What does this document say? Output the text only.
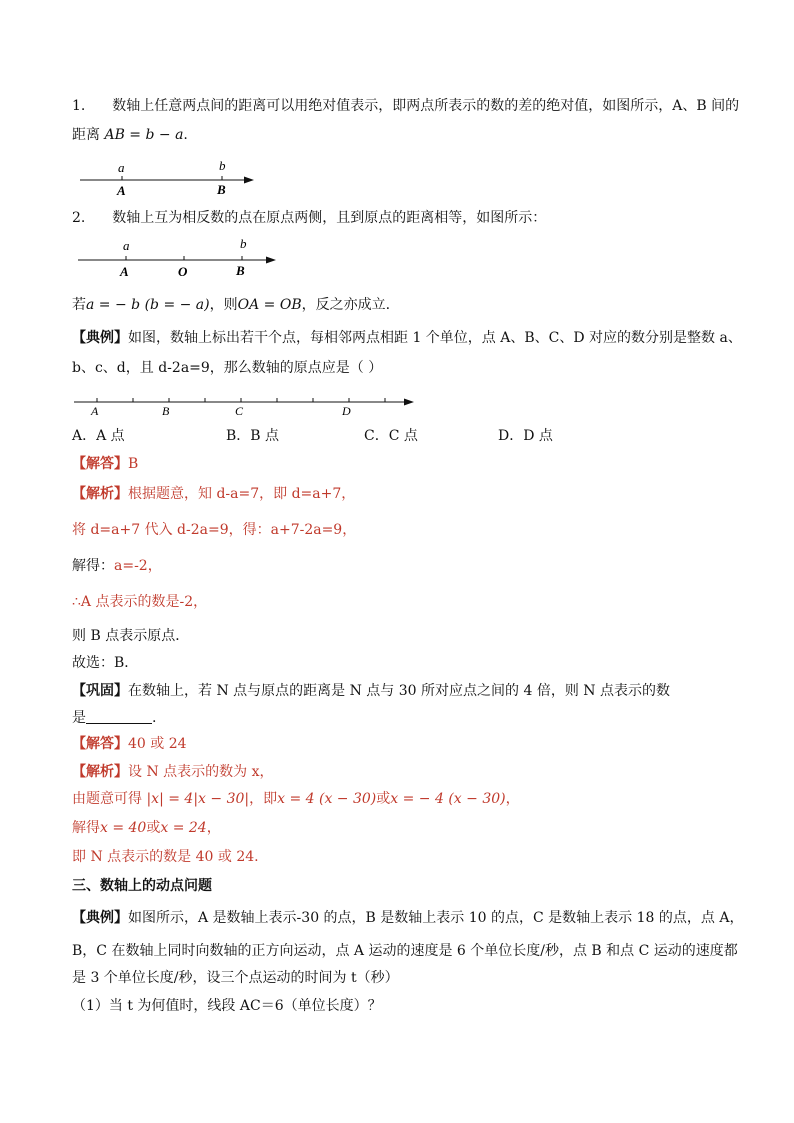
1. 数轴上任意两点间的距离可以用绝对值表示，即两点所表示的数的差的绝对值，如图所示，A、B 间的
距离 AB = b − a.
a	b
A	B
2. 数轴上互为相反数的点在原点两侧，且到原点的距离相等，如图所示：
a	b
A	O	B
若a = − b (b = − a)，则OA = OB，反之亦成立.
【典例】如图，数轴上标出若干个点，每相邻两点相距 1 个单位，点 A、B、C、D 对应的数分别是整数 a、
b、c、d，且 d-2a=9，那么数轴的原点应是（ ）
A	B	C	D
A．A 点	B．B 点	C．C 点	D．D 点
【解答】B
【解析】根据题意，知 d-a=7，即 d=a+7，
将 d=a+7 代入 d-2a=9，得：a+7-2a=9，
解得：a=-2，
∴A 点表示的数是-2，
则 B 点表示原点．
故选：B．
【巩固】在数轴上，若 N 点与原点的距离是 N 点与 30 所对应点之间的 4 倍，则 N 点表示的数
是	.
【解答】40 或 24
【解析】设 N 点表示的数为 x，
由题意可得 |x| = 4|x − 30|，即x = 4 (x − 30)或x = − 4 (x − 30)，
解得x = 40或x = 24，
即 N 点表示的数是 40 或 24.
三、数轴上的动点问题
【典例】如图所示，A 是数轴上表示-30 的点，B 是数轴上表示 10 的点，C 是数轴上表示 18 的点，点 A，
B，C 在数轴上同时向数轴的正方向运动，点 A 运动的速度是 6 个单位长度/秒，点 B 和点 C 运动的速度都
是 3 个单位长度/秒，设三个点运动的时间为 t（秒）
（1）当 t 为何值时，线段 AC＝6（单位长度）？
